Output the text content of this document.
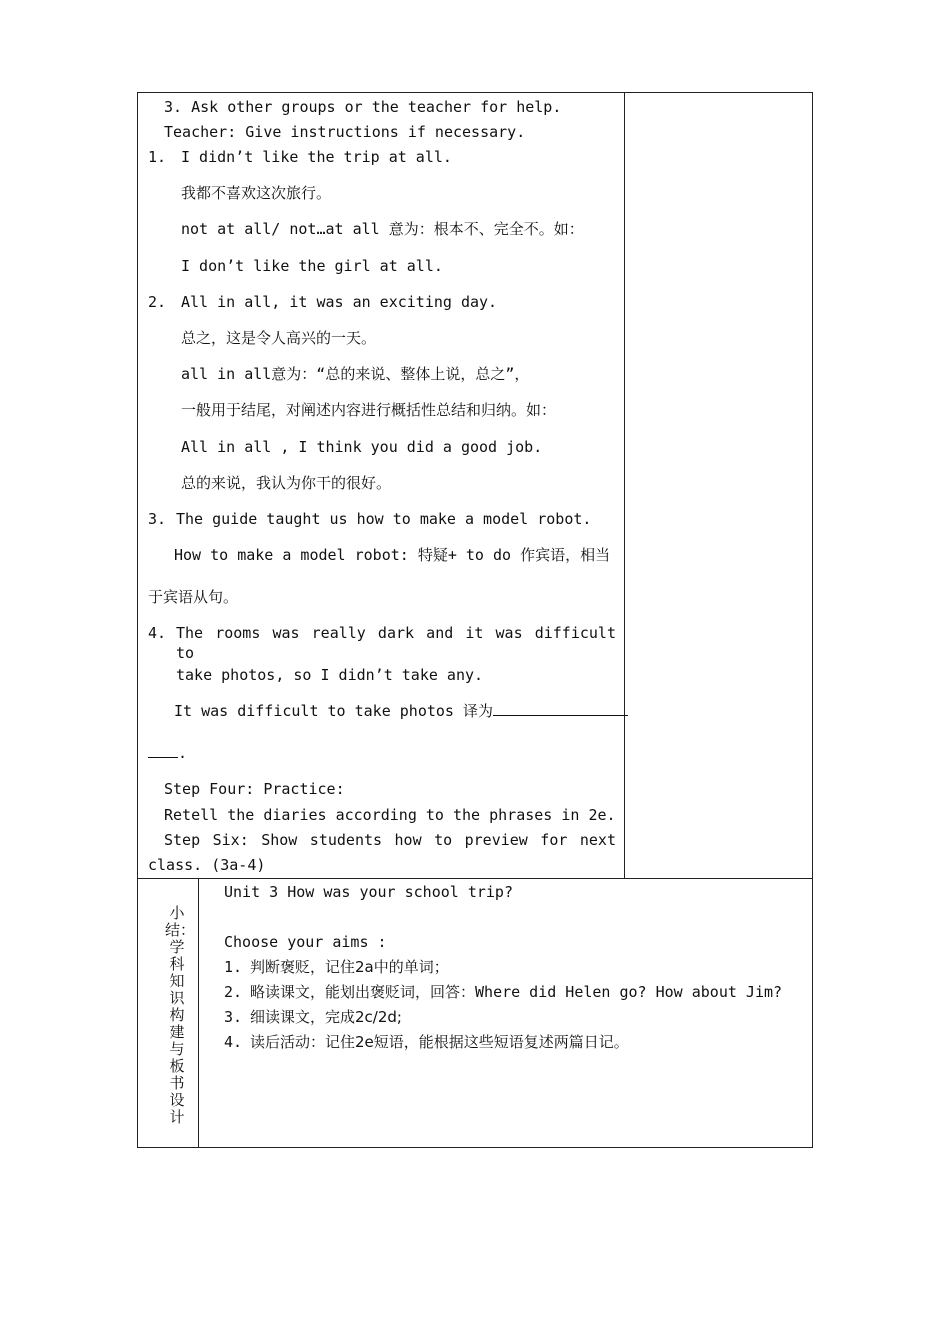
3. Ask other groups or the teacher for help.
Teacher: Give instructions if necessary.
1. I didn’t like the trip at all.
我都不喜欢这次旅行。
not at all/ not…at all 意为：根本不、完全不。如：
I don’t like the girl at all.
2. All in all, it was an exciting day.
总之，这是令人高兴的一天。
all in all意为：“总的来说、整体上说，总之”，
一般用于结尾，对阐述内容进行概括性总结和归纳。如：
All in all , I think you did a good job.
总的来说，我认为你干的很好。
3. The guide taught us how to make a model robot.
How to make a model robot: 特疑+ to do 作宾语，相当
于宾语从句。
4. The rooms was really dark and it was difficult to
take photos, so I didn’t take any.
It was difficult to take photos 译为
.
Step Four: Practice:
Retell the diaries according to the phrases in 2e.
Step Six: Show students how to preview for next
class. (3a-4)
小结：学科知识构建与板书设计
Unit 3 How was your school trip?
Choose your aims :
1. 判断褒贬，记住2a中的单词；
2. 略读课文，能划出褒贬词，回答：Where did Helen go? How about Jim?
3. 细读课文，完成2c/2d;
4. 读后活动：记住2e短语，能根据这些短语复述两篇日记。
